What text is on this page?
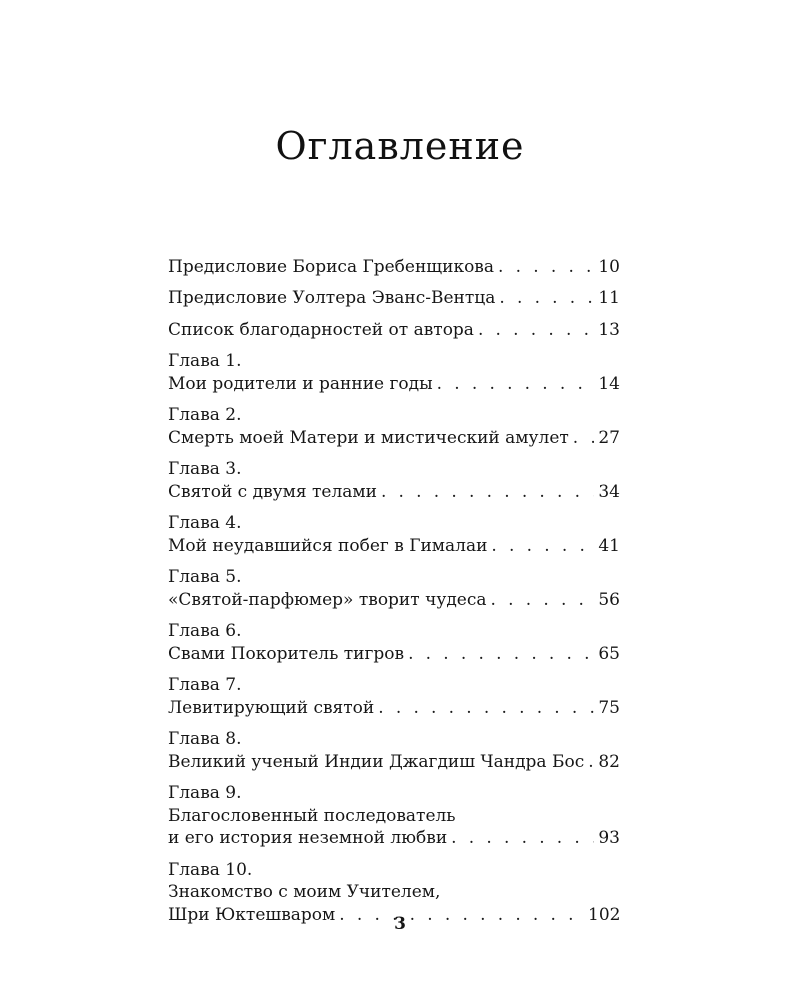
Оглавление
Предисловие Бориса Гребенщикова . . .	10
Предисловие Уолтера Эванс-Вентца . . .	11
Список благодарностей от автора . . .	13
Глава 1.
Мои родители и ранние годы . . .	14
Глава 2.
Смерть моей Матери и мистический амулет . . . 27
Глава 3.
Святой с двумя телами . . .	34
Глава 4.
Мой неудавшийся побег в Гималаи . . .	41
Глава 5.
«Святой-парфюмер» творит чудеса . . .	56
Глава 6.
Свами Покоритель тигров . . .	65
Глава 7.
Левитирующий святой . . .	75
Глава 8.
Великий ученый Индии Джагдиш Чандра Бос . . . 82
Глава 9.
Благословенный последователь
и его история неземной любви . . .	93
Глава 10.
Знакомство с моим Учителем,
Шри Юктешваром . . .	102
3
